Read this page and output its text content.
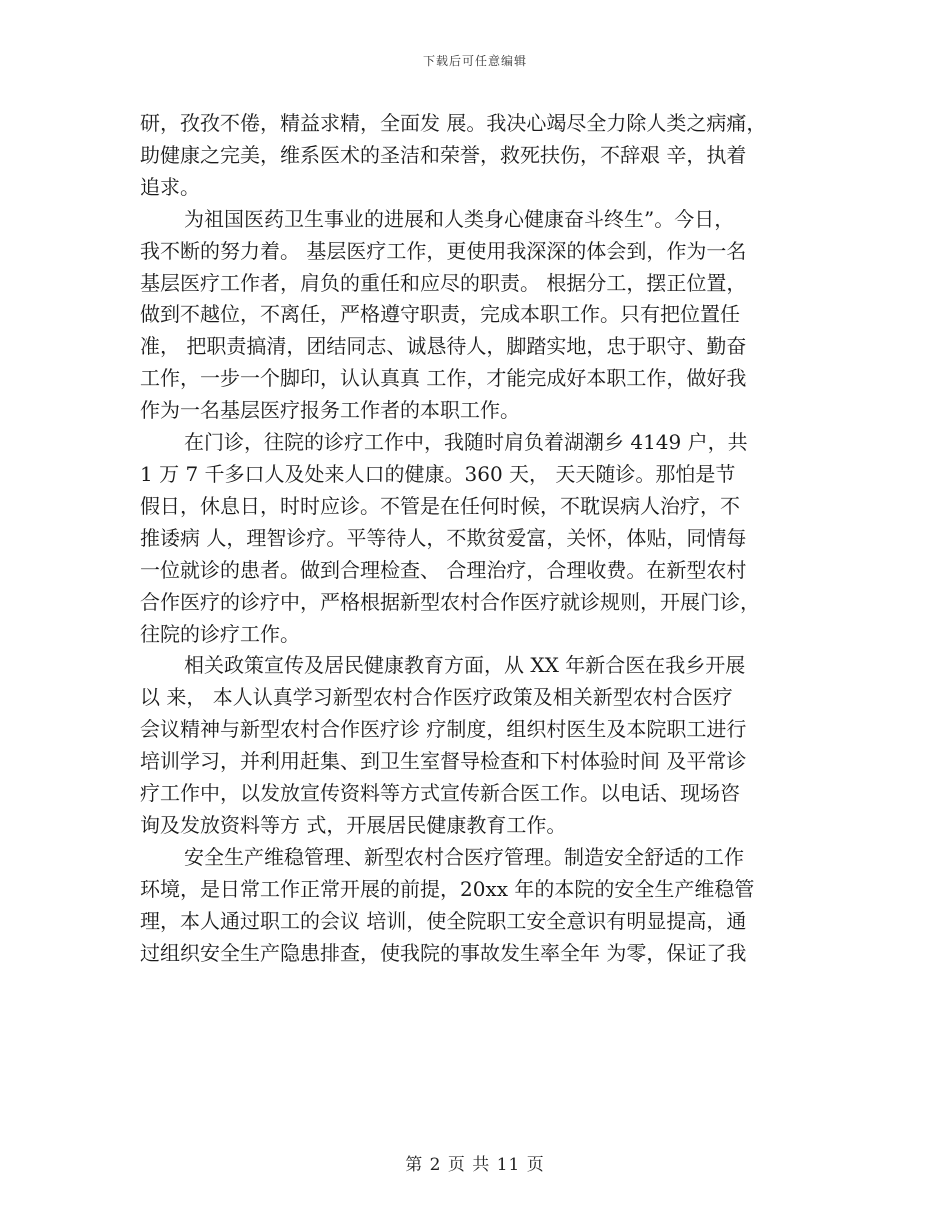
下载后可任意编辑

研，孜孜不倦，精益求精，全面发 展。我决心竭尽全力除人类之病痛，
助健康之完美，维系医术的圣洁和荣誉，救死扶伤，不辞艰 辛，执着
追求。

为祖国医药卫生事业的进展和人类身心健康奋斗终生”。今日，
我不断的努力着。 基层医疗工作，更使用我深深的体会到，作为一名
基层医疗工作者，肩负的重任和应尽的职责。 根据分工，摆正位置，
做到不越位，不离任，严格遵守职责，完成本职工作。只有把位置任
准， 把职责搞清，团结同志、诚恳待人，脚踏实地，忠于职守、勤奋
工作，一步一个脚印，认认真真 工作，才能完成好本职工作，做好我
作为一名基层医疗报务工作者的本职工作。

在门诊，往院的诊疗工作中，我随时肩负着湖潮乡 4149 户，共
1 万 7 千多口人及处来人口的健康。360 天， 天天随诊。那怕是节
假日，休息日，时时应诊。不管是在任何时候，不耽误病人治疗，不
推诿病 人，理智诊疗。平等待人，不欺贫爱富，关怀，体贴，同情每
一位就诊的患者。做到合理检查、 合理治疗，合理收费。在新型农村
合作医疗的诊疗中，严格根据新型农村合作医疗就诊规则，开展门诊，
往院的诊疗工作。

相关政策宣传及居民健康教育方面，从 XX 年新合医在我乡开展
以 来， 本人认真学习新型农村合作医疗政策及相关新型农村合医疗
会议精神与新型农村合作医疗诊 疗制度，组织村医生及本院职工进行
培训学习，并利用赶集、到卫生室督导检查和下村体验时间 及平常诊
疗工作中，以发放宣传资料等方式宣传新合医工作。以电话、现场咨
询及发放资料等方 式，开展居民健康教育工作。

安全生产维稳管理、新型农村合医疗管理。制造安全舒适的工作
环境，是日常工作正常开展的前提，20xx 年的本院的安全生产维稳管
理，本人通过职工的会议 培训，使全院职工安全意识有明显提高，通
过组织安全生产隐患排查，使我院的事故发生率全年 为零，保证了我

第 2 页 共 11 页
